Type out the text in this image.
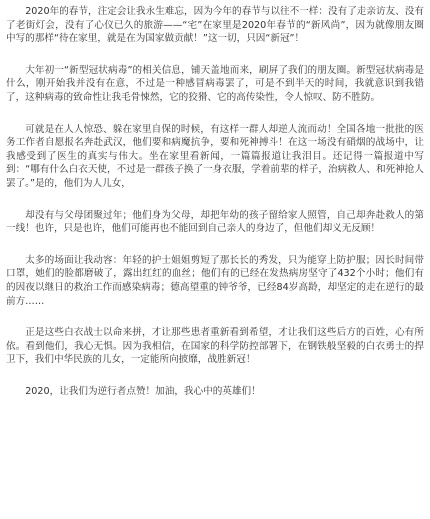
2020年的春节，注定会让我永生难忘，因为今年的春节与以往不一样：没有了走亲访友、没有了老街灯会，没有了心仪已久的旅游——“宅”在家里是2020年春节的“新风尚”，因为就像朋友圈中写的那样“待在家里，就是在为国家做贡献！”这一切，只因“新冠”！

大年初一“新型冠状病毒”的相关信息，铺天盖地而来，刷屏了我们的朋友圈。新型冠状病毒是什么，刚开始我并没有在意，不过是一种感冒病毒罢了，可是不到半天的时间，我就意识到我错了，这种病毒的致命性让我毛骨悚然，它的狡猾、它的高传染性，令人惊叹、防不胜防。

可就是在人人惊恐、躲在家里自保的时候，有这样一群人却逆人流而动！全国各地一批批的医务工作者自愿报名奔赴武汉，他们要和病魔抗争，要和死神搏斗！在这一场没有硝烟的战场中，让我感受到了医生的真实与伟大。坐在家里看新闻，一篇篇报道让我泪目。还记得一篇报道中写到：“哪有什么白衣天使，不过是一群孩子换了一身衣服，学着前辈的样子，治病救人、和死神抢人罢了。”是的，他们为人儿女，

却没有与父母团聚过年；他们身为父母，却把年幼的孩子留给家人照管，自己却奔赴救人的第一线！也许，只是也许，他们可能再也不能回到自己亲人的身边了，但他们却义无反顾！

太多的场面让我动容：年轻的护士姐姐剪短了那长长的秀发，只为能穿上防护服；因长时间带口罩，她们的脸都磨破了，露出红红的血丝；他们有的已经在发热病房坚守了432个小时；他们有的因夜以继日的救治工作而感染病毒；德高望重的钟爷爷，已经84岁高龄，却坚定的走在逆行的最前方……

正是这些白衣战士以命来拼，才让那些患者重新看到希望，才让我们这些后方的百姓，心有所依。看到他们，我心无惧。因为我相信，在国家的科学防控部署下，在钢铁般坚毅的白衣勇士的捍卫下，我们中华民族的儿女，一定能所向披靡，战胜新冠！

2020，让我们为逆行者点赞！加油，我心中的英雄们！
